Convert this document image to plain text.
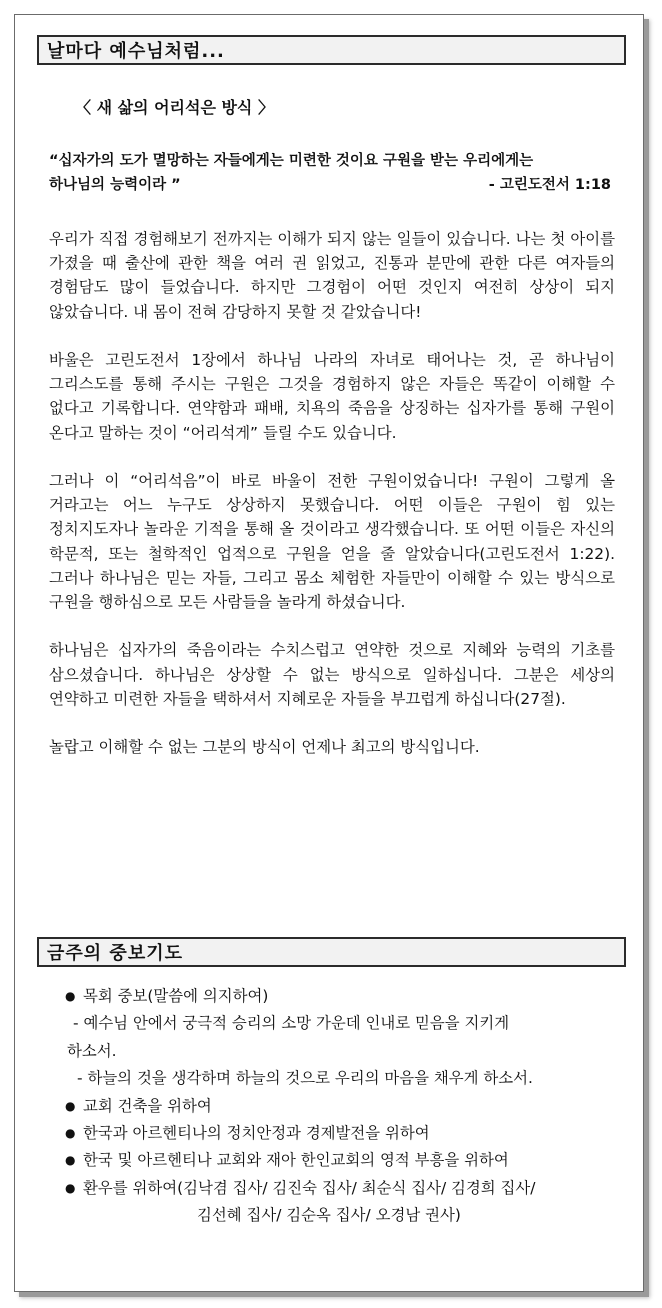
날마다 예수님처럼...
〈 새 삶의 어리석은 방식 〉
“십자가의 도가 멸망하는 자들에게는 미련한 것이요 구원을 받는 우리에게는
하나님의 능력이라 ”	- 고린도전서 1:18

우리가 직접 경험해보기 전까지는 이해가 되지 않는 일들이 있습니다. 나는 첫 아이를 가졌을 때 출산에 관한 책을 여러 권 읽었고, 진통과 분만에 관한 다른 여자들의 경험담도 많이 들었습니다. 하지만 그경험이 어떤 것인지 여전히 상상이 되지 않았습니다. 내 몸이 전혀 감당하지 못할 것 같았습니다!

바울은 고린도전서 1장에서 하나님 나라의 자녀로 태어나는 것, 곧 하나님이 그리스도를 통해 주시는 구원은 그것을 경험하지 않은 자들은 똑같이 이해할 수 없다고 기록합니다. 연약함과 패배, 치욕의 죽음을 상징하는 십자가를 통해 구원이 온다고 말하는 것이 “어리석게” 들릴 수도 있습니다.

그러나 이 “어리석음”이 바로 바울이 전한 구원이었습니다! 구원이 그렇게 올 거라고는 어느 누구도 상상하지 못했습니다. 어떤 이들은 구원이 힘 있는 정치지도자나 놀라운 기적을 통해 올 것이라고 생각했습니다. 또 어떤 이들은 자신의 학문적, 또는 철학적인 업적으로 구원을 얻을 줄 알았습니다(고린도전서 1:22). 그러나 하나님은 믿는 자들, 그리고 몸소 체험한 자들만이 이해할 수 있는 방식으로 구원을 행하심으로 모든 사람들을 놀라게 하셨습니다.

하나님은 십자가의 죽음이라는 수치스럽고 연약한 것으로 지혜와 능력의 기초를 삼으셨습니다. 하나님은 상상할 수 없는 방식으로 일하십니다. 그분은 세상의 연약하고 미련한 자들을 택하셔서 지혜로운 자들을 부끄럽게 하십니다(27절).

놀랍고 이해할 수 없는 그분의 방식이 언제나 최고의 방식입니다.

금주의 중보기도
● 목회 중보(말씀에 의지하여)
- 예수님 안에서 궁극적 승리의 소망 가운데 인내로 믿음을 지키게
하소서.
- 하늘의 것을 생각하며 하늘의 것으로 우리의 마음을 채우게 하소서.
● 교회 건축을 위하여
● 한국과 아르헨티나의 정치안정과 경제발전을 위하여
● 한국 및 아르헨티나 교회와 재아 한인교회의 영적 부흥을 위하여
● 환우를 위하여(김낙겸 집사/ 김진숙 집사/ 최순식 집사/ 김경희 집사/
김선혜 집사/ 김순옥 집사/ 오경남 권사)
